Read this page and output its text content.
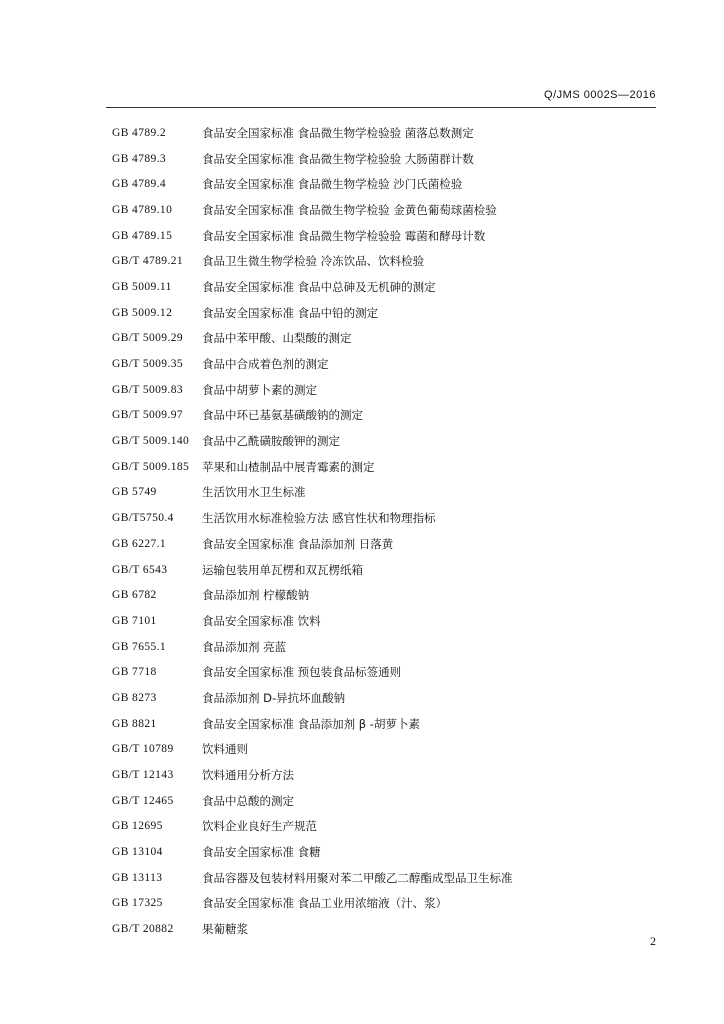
Q/JMS 0002S—2016
GB 4789.2	食品安全国家标准 食品微生物学检验验 菌落总数测定
GB 4789.3	食品安全国家标准 食品微生物学检验验 大肠菌群计数
GB 4789.4	食品安全国家标准 食品微生物学检验 沙门氏菌检验
GB 4789.10	食品安全国家标准 食品微生物学检验 金黄色葡萄球菌检验
GB 4789.15	食品安全国家标准 食品微生物学检验验 霉菌和酵母计数
GB/T 4789.21	食品卫生微生物学检验 冷冻饮品、饮料检验
GB 5009.11	食品安全国家标准 食品中总砷及无机砷的测定
GB 5009.12	食品安全国家标准 食品中铅的测定
GB/T 5009.29	食品中苯甲酸、山梨酸的测定
GB/T 5009.35	食品中合成着色剂的测定
GB/T 5009.83	食品中胡萝卜素的测定
GB/T 5009.97	食品中环已基氨基磺酸钠的测定
GB/T 5009.140	食品中乙酰磺胺酸钾的测定
GB/T 5009.185	苹果和山楂制品中展青霉素的测定
GB 5749	生活饮用水卫生标准
GB/T5750.4	生活饮用水标准检验方法 感官性状和物理指标
GB 6227.1	食品安全国家标准 食品添加剂 日落黄
GB/T 6543	运输包装用单瓦楞和双瓦楞纸箱
GB 6782	食品添加剂 柠檬酸钠
GB 7101	食品安全国家标准 饮料
GB 7655.1	食品添加剂 亮蓝
GB 7718	食品安全国家标准 预包装食品标签通则
GB 8273	食品添加剂 D-异抗坏血酸钠
GB 8821	食品安全国家标准 食品添加剂 β -胡萝卜素
GB/T 10789	饮料通则
GB/T 12143	饮料通用分析方法
GB/T 12465	食品中总酸的测定
GB 12695	饮料企业良好生产规范
GB 13104	食品安全国家标准 食糖
GB 13113	食品容器及包装材料用聚对苯二甲酸乙二醇酯成型品卫生标准
GB 17325	食品安全国家标准 食品工业用浓缩液（汁、浆）
GB/T 20882	果葡糖浆
2
